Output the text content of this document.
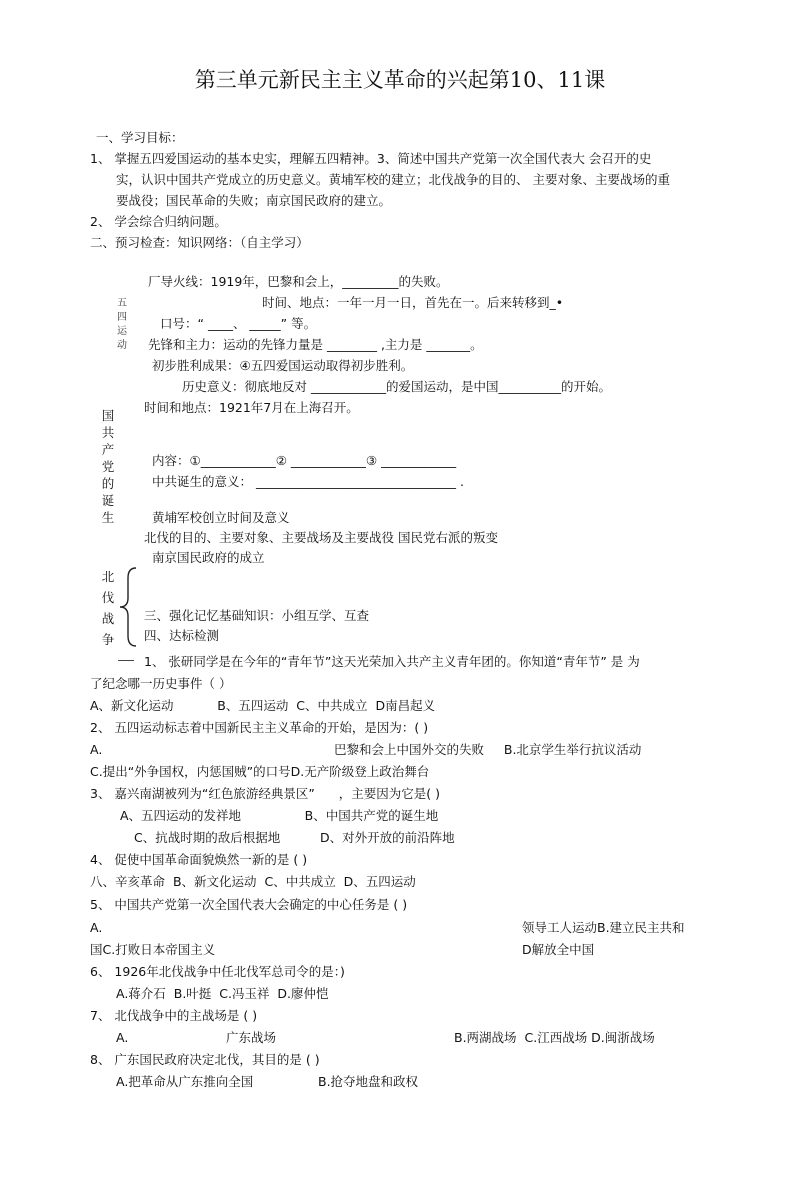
第三单元新民主主义革命的兴起第10、11课
一、学习目标：
1、 掌握五四爱国运动的基本史实，理解五四精神。3、简述中国共产党第一次全国代表大 会召开的史
实，认识中国共产党成立的历史意义。黄埔军校的建立；北伐战争的目的、 主要对象、主要战场的重
要战役；国民革命的失败；南京国民政府的建立。
2、 学会综合归纳问题。
二、预习检查：知识网络：（自主学习）
五
四
运
动
厂导火线：1919年，巴黎和会上，_________的失败。
时间、地点：一年一月一日，首先在一。后来转移到_•
口号：“ ____、 _____” 等。
先锋和主力：运动的先锋力量是 ________ ,主力是 _______。
初步胜利成果：④五四爱国运动取得初步胜利。
历史意义：彻底地反对 ____________的爱国运动，是中国__________的开始。
时间和地点：1921年7月在上海召开。
国
共
产
党
的
诞
生
内容：①____________② ____________③ ____________
中共诞生的意义： ________________________________ .
黄埔军校创立时间及意义
北伐的目的、主要对象、主要战场及主要战役 国民党右派的叛变
南京国民政府的成立
北
伐
战
争
三、强化记忆基础知识：小组互学、互查
四、达标检测
1、 张研同学是在今年的“青年节”这天光荣加入共产主义青年团的。你知道“青年节” 是 为
了纪念哪一历史事件（ ）
A、新文化运动           B、五四运动  C、中共成立  D南昌起义
2、 五四运动标志着中国新民主主义革命的开始，是因为：( )
A.	巴黎和会上中国外交的失败     B.北京学生举行抗议活动
C.提出“外争国权，内惩国贼”的口号D.无产阶级登上政治舞台
3、 嘉兴南湖被列为“红色旅游经典景区”      ，主要因为它是( )
A、五四运动的发祥地                B、中国共产党的诞生地
C、抗战时期的敌后根据地          D、对外开放的前沿阵地
4、 促使中国革命面貌焕然一新的是 ( )
八、辛亥革命  B、新文化运动  C、中共成立  D、五四运动
5、 中国共产党第一次全国代表大会确定的中心任务是 ( )
A.	领导工人运动B.建立民主共和
国C.打败日本帝国主义	D解放全中国
6、 1926年北伐战争中任北伐军总司令的是：)
A.蒋介石  B.叶挺  C.冯玉祥  D.廖仲恺
7、 北伐战争中的主战场是 ( )
A.	广东战场	B.两湖战场  C.江西战场 D.闽浙战场
8、 广东国民政府决定北伐，其目的是 ( )
A.把革命从广东推向全国	B.抢夺地盘和政权
